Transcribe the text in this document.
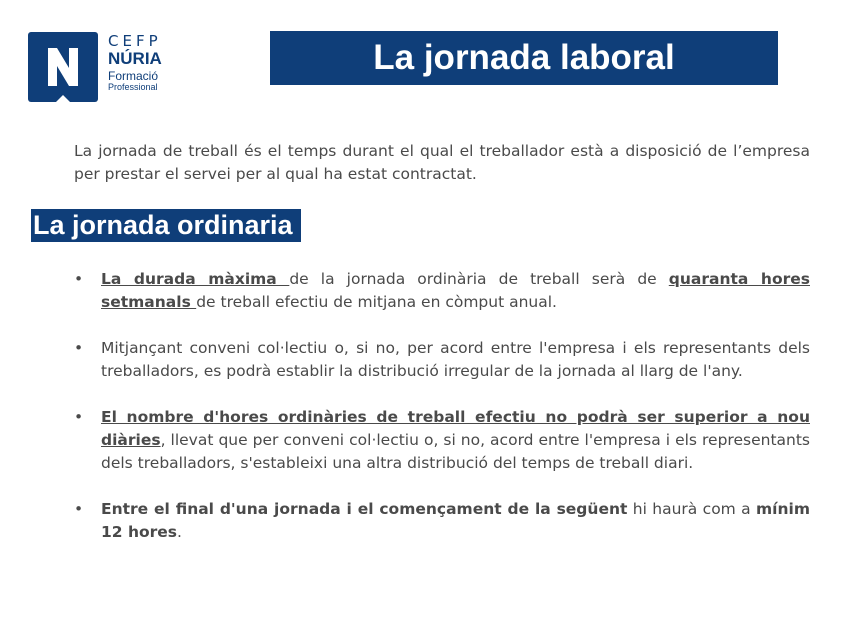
CEFP
NÚRIA
Formació
Professional
La jornada laboral

La jornada de treball és el temps durant el qual el treballador està a disposició de l’empresa per prestar el servei per al qual ha estat contractat.

La jornada ordinaria
• La durada màxima de la jornada ordinària de treball serà de quaranta hores setmanals de treball efectiu de mitjana en còmput anual.
• Mitjançant conveni col·lectiu o, si no, per acord entre l'empresa i els representants dels treballadors, es podrà establir la distribució irregular de la jornada al llarg de l'any.
• El nombre d'hores ordinàries de treball efectiu no podrà ser superior a nou diàries, llevat que per conveni col·lectiu o, si no, acord entre l'empresa i els representants dels treballadors, s'estableixi una altra distribució del temps de treball diari.
• Entre el final d'una jornada i el començament de la següent hi haurà com a mínim 12 hores.
